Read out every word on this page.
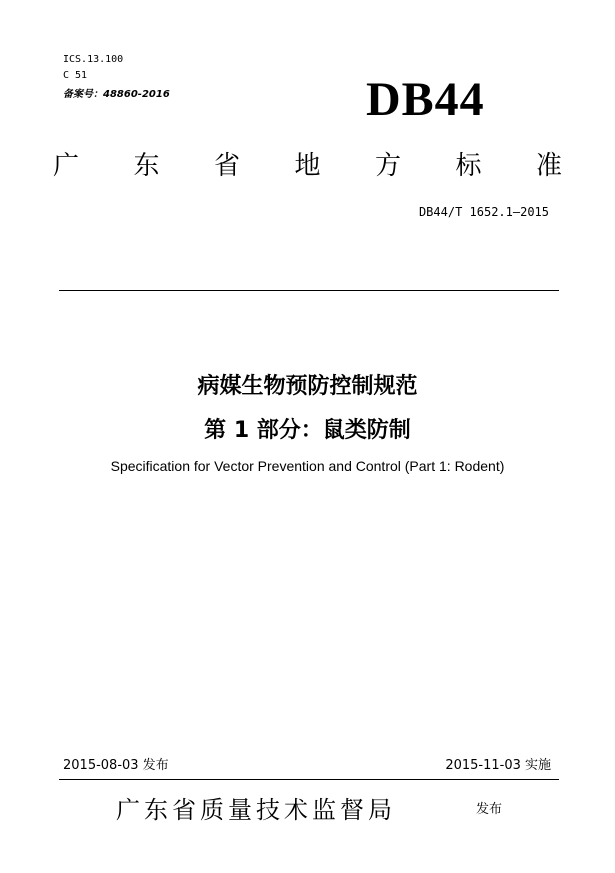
ICS.13.100
C 51
备案号：48860-2016	DB44
广 东 省 地 方 标 准
DB44/T 1652.1—2015
病媒生物预防控制规范
第 1 部分：鼠类防制
Specification for Vector Prevention and Control (Part 1: Rodent)
2015-08-03 发布	2015-11-03 实施
广东省质量技术监督局	发布
